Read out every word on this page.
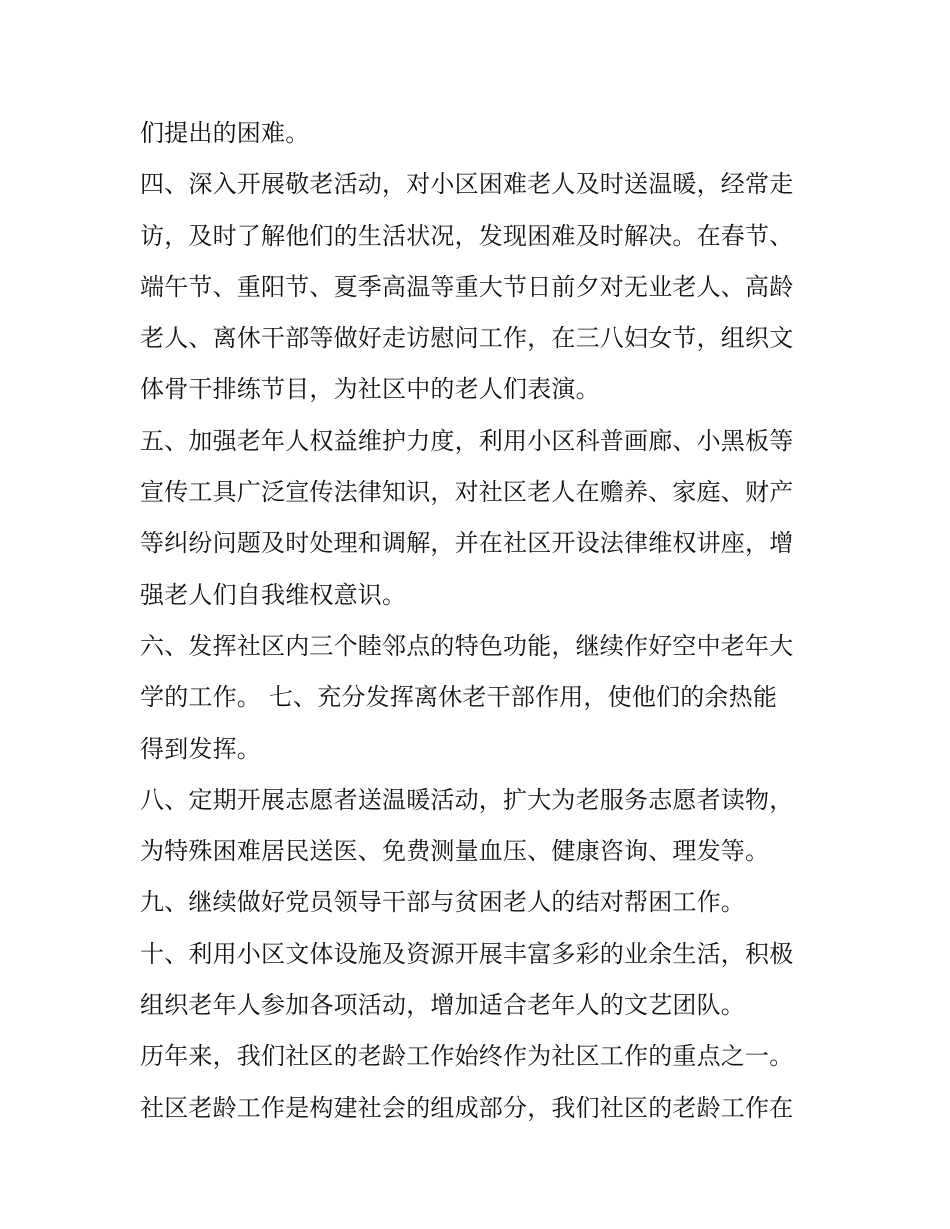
们提出的困难。
四、深入开展敬老活动，对小区困难老人及时送温暖，经常走
访，及时了解他们的生活状况，发现困难及时解决。在春节、
端午节、重阳节、夏季高温等重大节日前夕对无业老人、高龄
老人、离休干部等做好走访慰问工作，在三八妇女节，组织文
体骨干排练节目，为社区中的老人们表演。
五、加强老年人权益维护力度，利用小区科普画廊、小黑板等
宣传工具广泛宣传法律知识，对社区老人在赡养、家庭、财产
等纠纷问题及时处理和调解，并在社区开设法律维权讲座，增
强老人们自我维权意识。
六、发挥社区内三个睦邻点的特色功能，继续作好空中老年大
学的工作。 七、充分发挥离休老干部作用，使他们的余热能
得到发挥。
八、定期开展志愿者送温暖活动，扩大为老服务志愿者读物，
为特殊困难居民送医、免费测量血压、健康咨询、理发等。
九、继续做好党员领导干部与贫困老人的结对帮困工作。
十、利用小区文体设施及资源开展丰富多彩的业余生活，积极
组织老年人参加各项活动，增加适合老年人的文艺团队。
历年来，我们社区的老龄工作始终作为社区工作的重点之一。
社区老龄工作是构建社会的组成部分，我们社区的老龄工作在
